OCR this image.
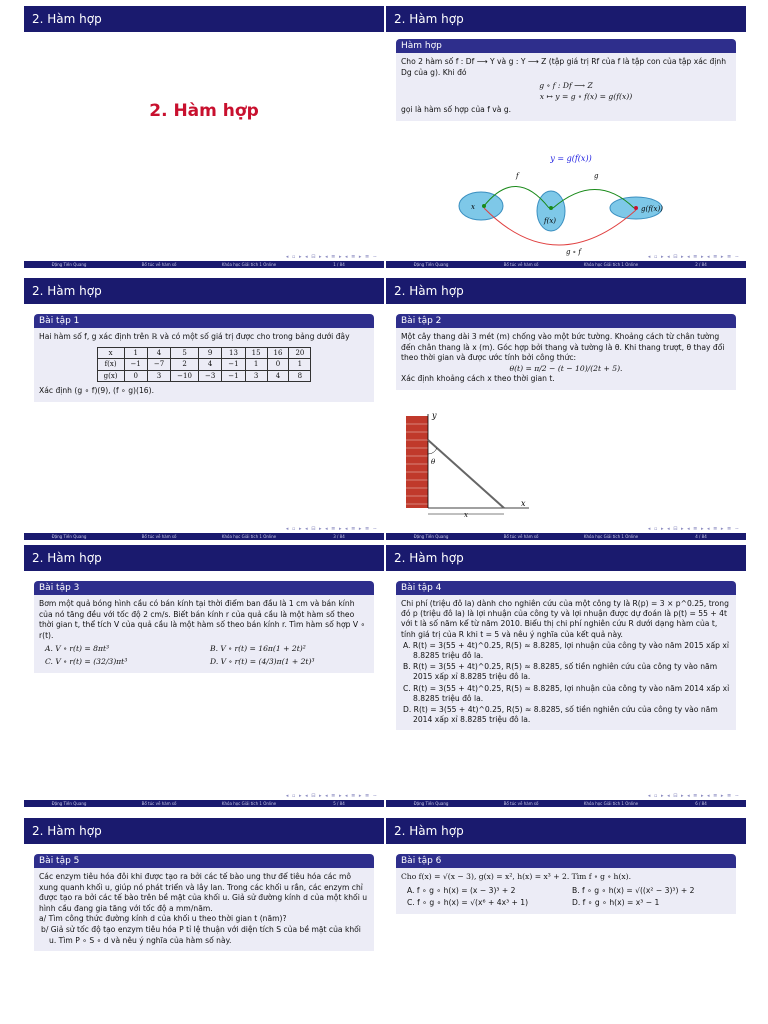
2. Hàm hợp
2. Hàm hợp
◂ ▫ ▸ ◂ ⊟ ▸ ◂ ≣ ▸ ◂ ≣ ▸ ≣ ∽
Đặng Tiến Quang	Bổ túc về hàm số	Khóa học Giải tích 1 Online	1 / 84
2. Hàm hợp
Hàm hợp
Cho 2 hàm số f : Df ⟶ Y và g : Y ⟶ Z (tập giá trị Rf của f là tập con của tập xác định Dg của g). Khi đó
g ∘ f : Df ⟶ Z
x ↦ y = g ∘ f(x) = g(f(x))
gọi là hàm số hợp của f và g.
y = g(f(x))
f	g
x
f(x)
g(f(x))
g ∘ f
◂ ▫ ▸ ◂ ⊟ ▸ ◂ ≣ ▸ ◂ ≣ ▸ ≣ ∽
Đặng Tiến Quang	Bổ túc về hàm số	Khóa học Giải tích 1 Online	2 / 84
2. Hàm hợp
Bài tập 1
Hai hàm số f, g xác định trên ℝ và có một số giá trị được cho trong bảng dưới đây
x	1	4	5	9	13	15	16	20
f(x)	−1	−7	2	4	−1	1	0	1
g(x)	0	3	−10	−3	−1	3	4	8
Xác định (g ∘ f)(9), (f ∘ g)(16).
◂ ▫ ▸ ◂ ⊟ ▸ ◂ ≣ ▸ ◂ ≣ ▸ ≣ ∽
Đặng Tiến Quang	Bổ túc về hàm số	Khóa học Giải tích 1 Online	3 / 84
2. Hàm hợp
Bài tập 2
Một cây thang dài 3 mét (m) chống vào một bức tường. Khoảng cách từ chân tường đến chân thang là x (m). Góc hợp bởi thang và tường là θ. Khi thang trượt, θ thay đổi theo thời gian và được ước tính bởi công thức:
θ(t) = π/2 − (t − 10)/(2t + 5).
Xác định khoảng cách x theo thời gian t.
y
x
θ
x
◂ ▫ ▸ ◂ ⊟ ▸ ◂ ≣ ▸ ◂ ≣ ▸ ≣ ∽
Đặng Tiến Quang	Bổ túc về hàm số	Khóa học Giải tích 1 Online	4 / 84
2. Hàm hợp
Bài tập 3
Bơm một quả bóng hình cầu có bán kính tại thời điểm ban đầu là 1 cm và bán kính của nó tăng đều với tốc độ 2 cm/s. Biết bán kính r của quả cầu là một hàm số theo thời gian t, thể tích V của quả cầu là một hàm số theo bán kính r. Tìm hàm số hợp V ∘ r(t).
A. V ∘ r(t) = 8πt³	B. V ∘ r(t) = 16π(1 + 2t)²
C. V ∘ r(t) = (32/3)πt³	D. V ∘ r(t) = (4/3)π(1 + 2t)³
◂ ▫ ▸ ◂ ⊟ ▸ ◂ ≣ ▸ ◂ ≣ ▸ ≣ ∽
Đặng Tiến Quang	Bổ túc về hàm số	Khóa học Giải tích 1 Online	5 / 84
2. Hàm hợp
Bài tập 4
Chi phí (triệu đô la) dành cho nghiên cứu của một công ty là R(p) = 3 × p^0.25, trong đó p (triệu đô la) là lợi nhuận của công ty và lợi nhuận được dự đoán là p(t) = 55 + 4t với t là số năm kể từ năm 2010. Biểu thị chi phí nghiên cứu R dưới dạng hàm của t, tính giá trị của R khi t = 5 và nêu ý nghĩa của kết quả này.
A. R(t) = 3(55 + 4t)^0.25, R(5) ≈ 8.8285, lợi nhuận của công ty vào năm 2015 xấp xỉ 8.8285 triệu đô la.
B. R(t) = 3(55 + 4t)^0.25, R(5) ≈ 8.8285, số tiền nghiên cứu của công ty vào năm 2015 xấp xỉ 8.8285 triệu đô la.
C. R(t) = 3(55 + 4t)^0.25, R(5) ≈ 8.8285, lợi nhuận của công ty vào năm 2014 xấp xỉ 8.8285 triệu đô la.
D. R(t) = 3(55 + 4t)^0.25, R(5) ≈ 8.8285, số tiền nghiên cứu của công ty vào năm 2014 xấp xỉ 8.8285 triệu đô la.
◂ ▫ ▸ ◂ ⊟ ▸ ◂ ≣ ▸ ◂ ≣ ▸ ≣ ∽
Đặng Tiến Quang	Bổ túc về hàm số	Khóa học Giải tích 1 Online	6 / 84
2. Hàm hợp
Bài tập 5
Các enzym tiêu hóa đôi khi được tạo ra bởi các tế bào ung thư để tiêu hóa các mô xung quanh khối u, giúp nó phát triển và lây lan. Trong các khối u rắn, các enzym chỉ được tạo ra bởi các tế bào trên bề mặt của khối u. Giả sử đường kính d của một khối u hình cầu đang gia tăng với tốc độ a mm/năm.
a/ Tìm công thức đường kính d của khối u theo thời gian t (năm)?
b/ Giả sử tốc độ tạo enzym tiêu hóa P tỉ lệ thuận với diện tích S của bề mặt của khối u. Tìm P ∘ S ∘ d và nêu ý nghĩa của hàm số này.
2. Hàm hợp
Bài tập 6
Cho f(x) = √(x − 3), g(x) = x², h(x) = x³ + 2. Tìm f ∘ g ∘ h(x).
A. f ∘ g ∘ h(x) = (x − 3)³ + 2	B. f ∘ g ∘ h(x) = √((x² − 3)³) + 2
C. f ∘ g ∘ h(x) = √(x⁶ + 4x³ + 1)	D. f ∘ g ∘ h(x) = x³ − 1
